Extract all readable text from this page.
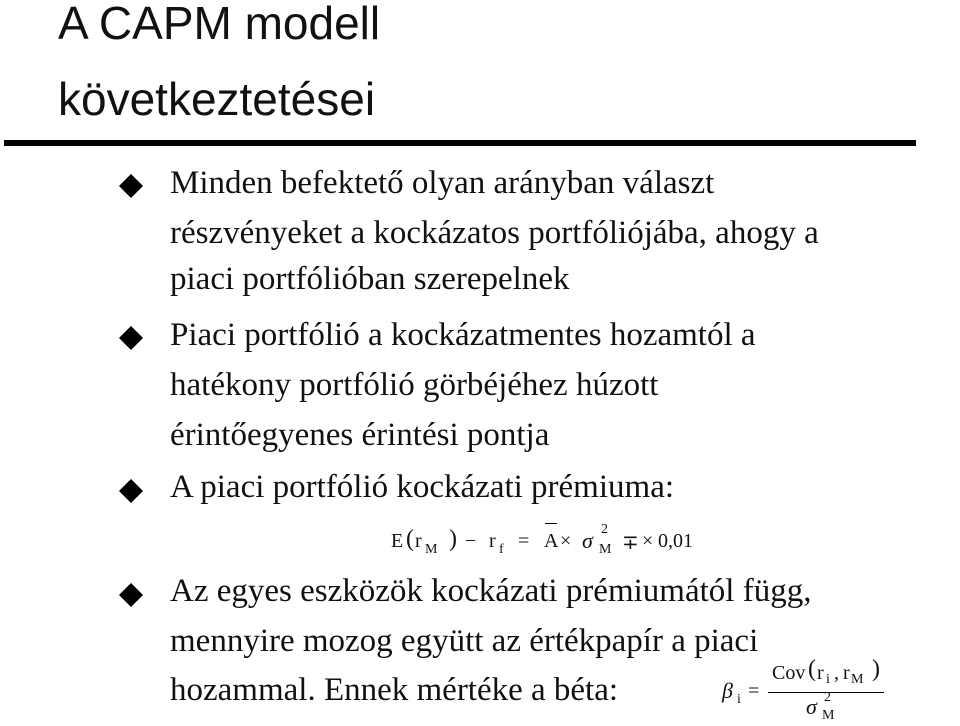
A CAPM modell
következtetései
Minden befektető olyan arányban választ
részvényeket a kockázatos portfóliójába, ahogy a
piaci portfólióban szerepelnek
Piaci portfólió a kockázatmentes hozamtól a
hatékony portfólió görbéjéhez húzott
érintőegyenes érintési pontja
A piaci portfólió kockázati prémiuma:
E ( r M ) − r f = A × σ 2
M ∓ × 0,01
Az egyes eszközök kockázati prémiumától függ,
mennyire mozog együtt az értékpapír a piaci
hozammal. Ennek mértéke a béta:	β i =
Cov ( r i , r M )
σ 2
M
